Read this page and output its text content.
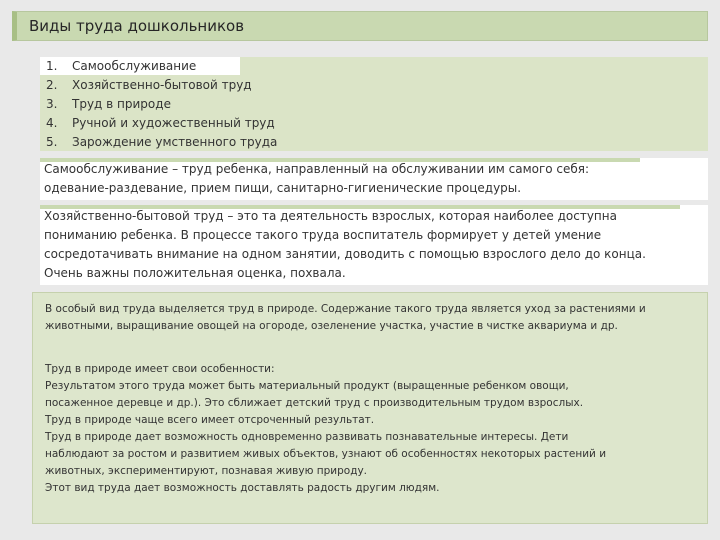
Виды труда дошкольников
1. Самообслуживание
2. Хозяйственно-бытовой труд
3. Труд в природе
4. Ручной и художественный труд
5. Зарождение умственного труда
Самообслуживание – труд ребенка, направленный на обслуживании им самого себя:
одевание-раздевание, прием пищи, санитарно-гигиенические процедуры.
Хозяйственно-бытовой труд – это та деятельность взрослых, которая наиболее доступна
пониманию ребенка. В процессе такого труда воспитатель формирует у детей умение
сосредотачивать внимание на одном занятии, доводить с помощью взрослого дело до конца.
Очень важны положительная оценка, похвала.
В особый вид труда выделяется труд в природе. Содержание такого труда является уход за растениями и
животными, выращивание овощей на огороде, озеленение участка, участие в чистке аквариума и др.
Труд в природе имеет свои особенности:
Результатом этого труда может быть материальный продукт (выращенные ребенком овощи,
посаженное деревце и др.). Это сближает детский труд с производительным трудом взрослых.
Труд в природе чаще всего имеет отсроченный результат.
Труд в природе дает возможность одновременно развивать познавательные интересы. Дети
наблюдают за ростом и развитием живых объектов, узнают об особенностях некоторых растений и
животных, экспериментируют, познавая живую природу.
Этот вид труда дает возможность доставлять радость другим людям.
